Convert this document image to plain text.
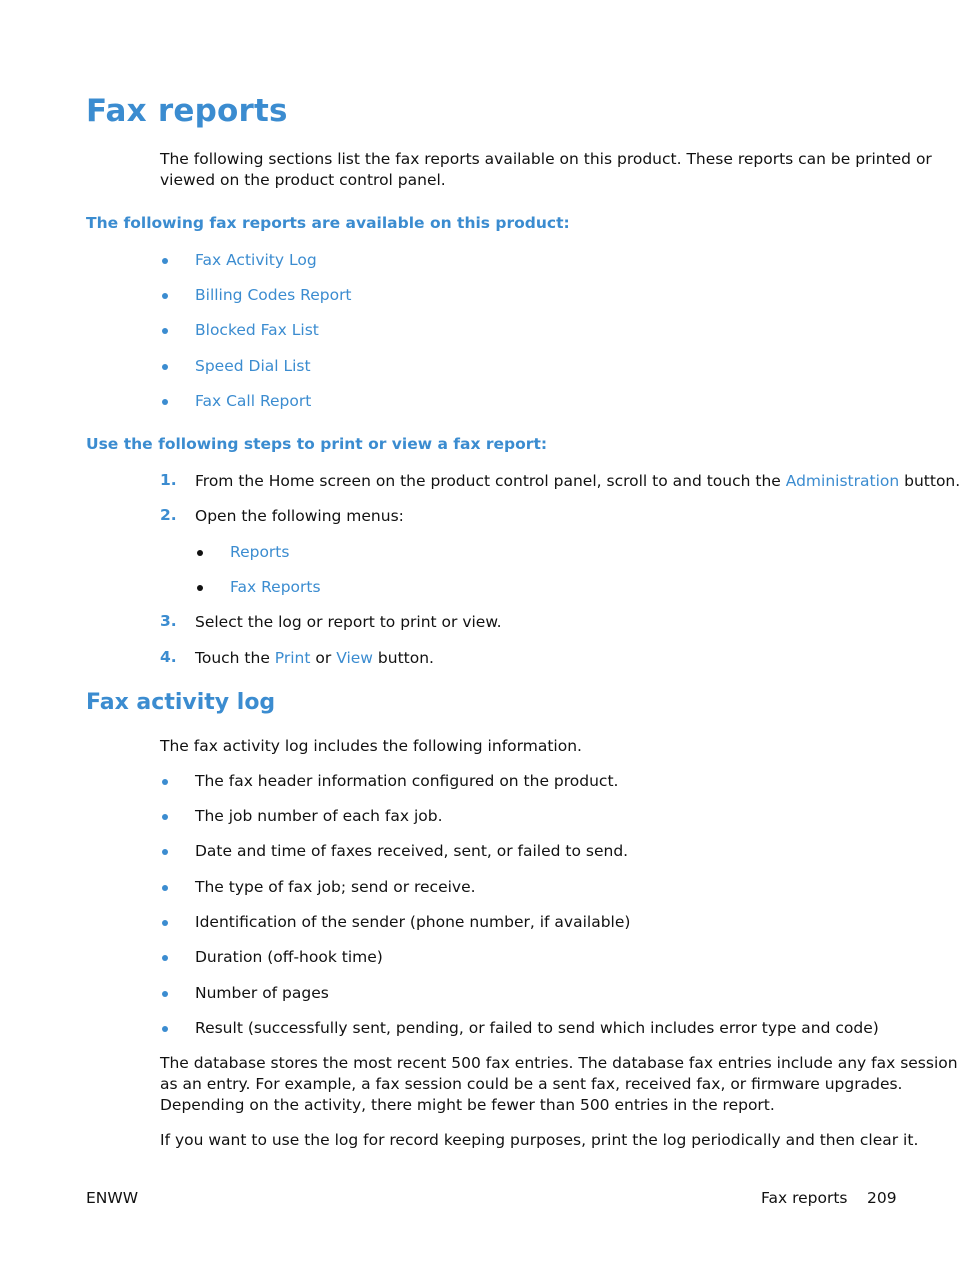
Fax reports
The following sections list the fax reports available on this product. These reports can be printed or
viewed on the product control panel.
The following fax reports are available on this product:
Fax Activity Log
Billing Codes Report
Blocked Fax List
Speed Dial List
Fax Call Report
Use the following steps to print or view a fax report:
1. From the Home screen on the product control panel, scroll to and touch the Administration button.
2. Open the following menus:
Reports
Fax Reports
3. Select the log or report to print or view.
4. Touch the Print or View button.
Fax activity log
The fax activity log includes the following information.
The fax header information configured on the product.
The job number of each fax job.
Date and time of faxes received, sent, or failed to send.
The type of fax job; send or receive.
Identification of the sender (phone number, if available)
Duration (off-hook time)
Number of pages
Result (successfully sent, pending, or failed to send which includes error type and code)
The database stores the most recent 500 fax entries. The database fax entries include any fax session
as an entry. For example, a fax session could be a sent fax, received fax, or firmware upgrades.
Depending on the activity, there might be fewer than 500 entries in the report.
If you want to use the log for record keeping purposes, print the log periodically and then clear it.
ENWW	Fax reports 209
